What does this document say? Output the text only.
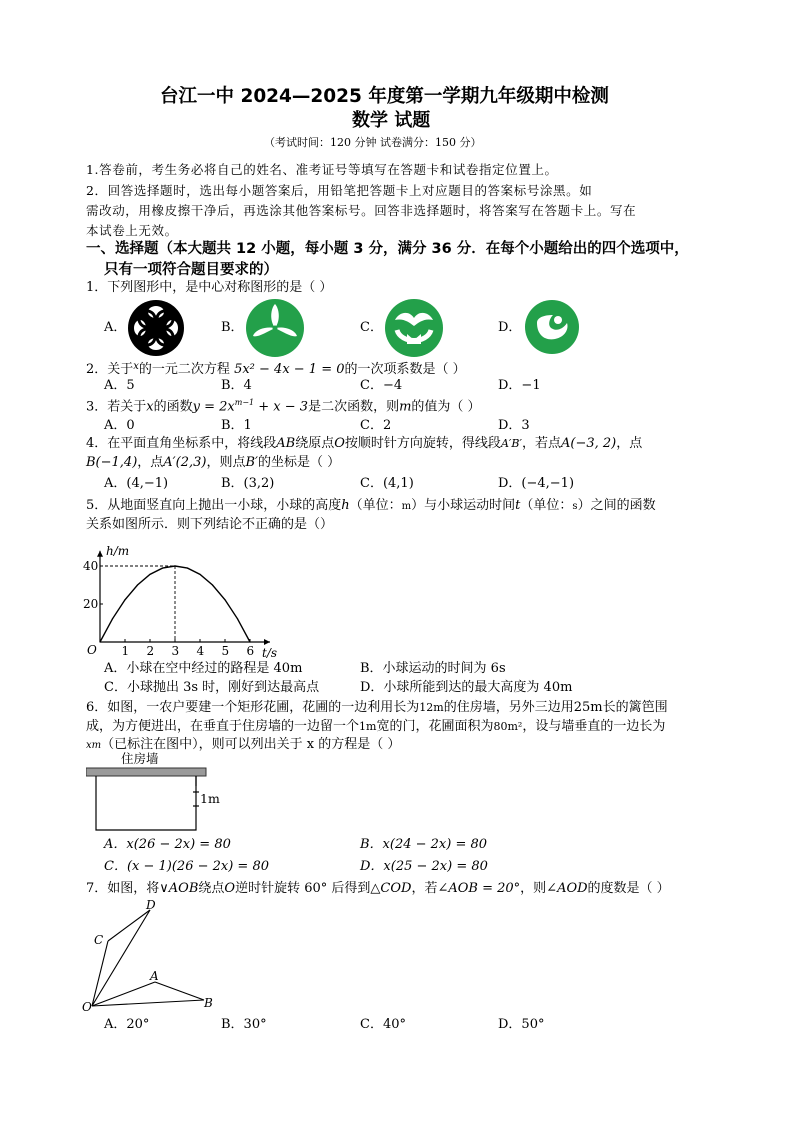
台江一中 2024—2025 年度第一学期九年级期中检测
数学 试题
（考试时间：120 分钟 试卷满分：150 分）
1.答卷前，考生务必将自己的姓名、准考证号等填写在答题卡和试卷指定位置上。
2．回答选择题时，选出每小题答案后，用铅笔把答题卡上对应题目的答案标号涂黑。如
需改动，用橡皮擦干净后，再选涂其他答案标号。回答非选择题时，将答案写在答题卡上。写在
本试卷上无效。
一、选择题（本大题共 12 小题，每小题 3 分，满分 36 分．在每个小题给出的四个选项中，
只有一项符合题目要求的）
1．下列图形中，是中心对称图形的是（ ）
A．	B．	C．	D．
2．关于$^x$的一元二次方程 5x² − 4x − 1 = 0的一次项系数是（ ）
A．5	B．4	C．−4	D．−1
3．若关于x的函数$y = 2x^{m-1} + x - 3$是二次函数，则m的值为（ ）
A．0	B．1	C．2	D．3
4．在平面直角坐标系中，将线段AB绕原点O按顺时针方向旋转，得线段A′B′，若点A(−3, 2)，点
B(−1,4)，点A′(2,3)，则点B′的坐标是（ ）
A．(4,−1)	B．(3,2)	C．(4,1)	D．(−4,−1)
5．从地面竖直向上抛出一小球，小球的高度h（单位：m）与小球运动时间t（单位：s）之间的函数
关系如图所示．则下列结论不正确的是（）
1 2 3 4 5 6
20
40
O
h/m
t/s
A．小球在空中经过的路程是 40m	B．小球运动的时间为 6s
C．小球抛出 3s 时，刚好到达最高点	D．小球所能到达的最大高度为 40m
6．如图，一农户要建一个矩形花圃，花圃的一边利用长为12m的住房墙，另外三边用25m长的篱笆围
成，为方便进出，在垂直于住房墙的一边留一个1m宽的门，花圃面积为80m²，设与墙垂直的一边长为
xm（已标注在图中），则可以列出关于 x 的方程是（ ）
住房墙
1m
A．x(26 − 2x) = 80	B．x(24 − 2x) = 80
C．(x − 1)(26 − 2x) = 80	D．x(25 − 2x) = 80
7．如图，将∨AOB绕点O逆时针旋转 60° 后得到△COD，若∠AOB = 20°，则∠AOD的度数是（ ）
D
C
A
O	B
A．20°	B．30°	C．40°	D．50°
